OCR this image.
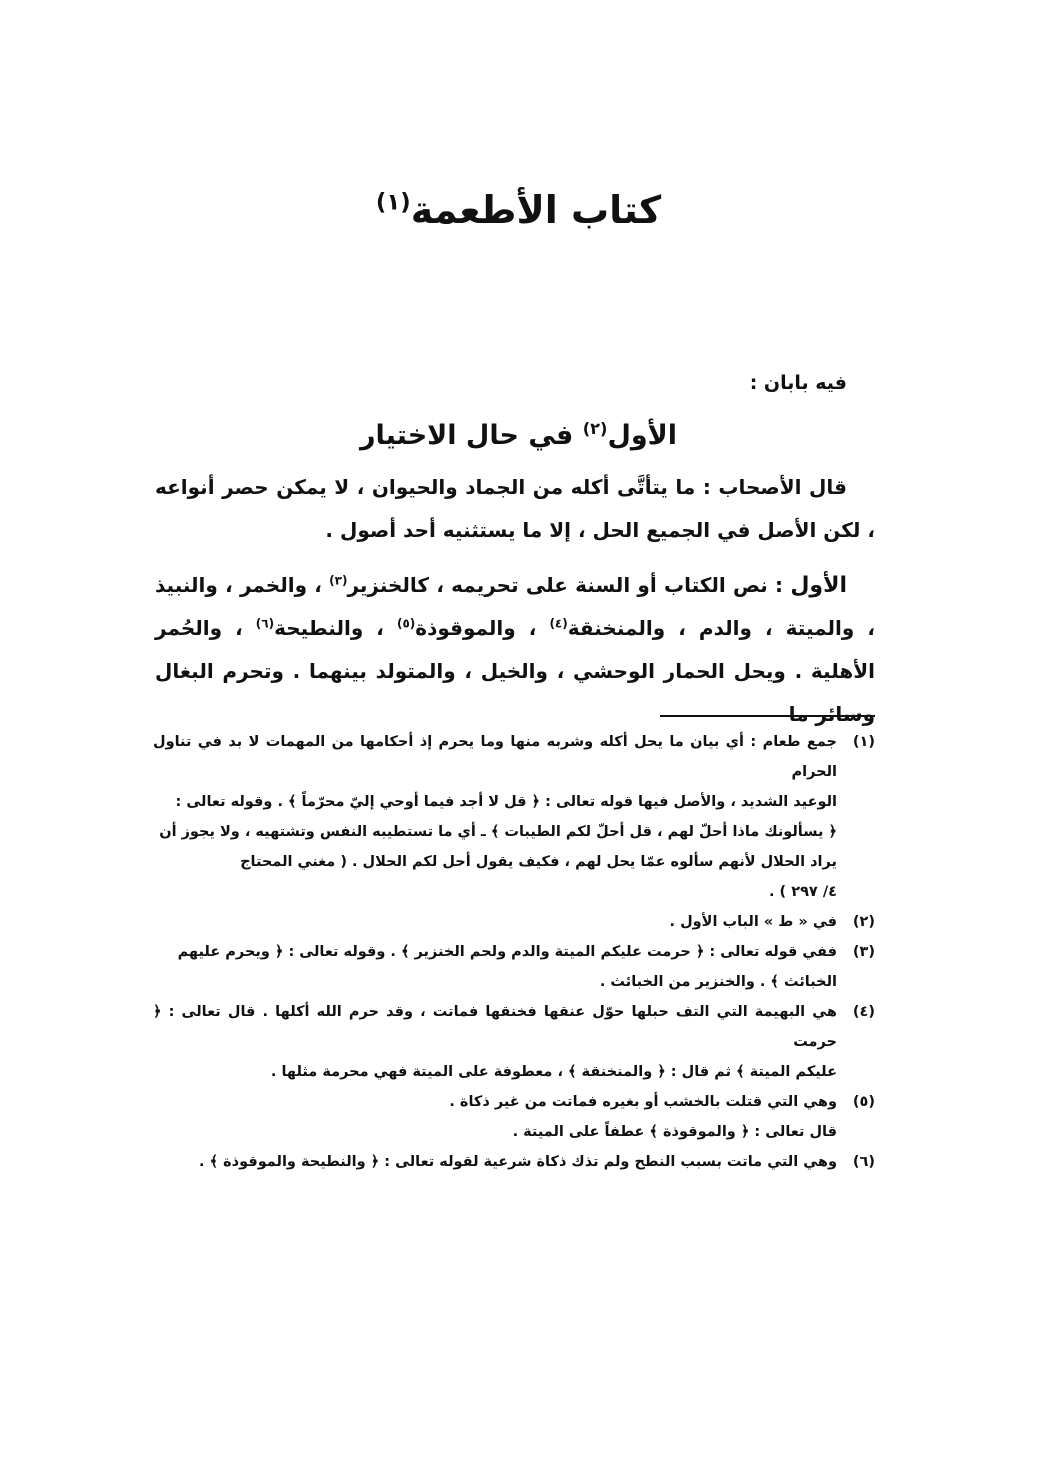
كتاب الأطعمة$^{(١)}$
فيه بابان :
الأول$^{(٢)}$ في حال الاختيار

قال الأصحاب : ما يتأتَّى أكله من الجماد والحيوان ، لا يمكن حصر أنواعه ، لكن الأصل في الجميع الحل ، إلا ما يستثنيه أحد أصول .

الأول : نص الكتاب أو السنة على تحريمه ، كالخنزير$^{(٣)}$ ، والخمر ، والنبيذ ، والميتة ، والدم ، والمنخنقة$^{(٤)}$ ، والموقوذة$^{(٥)}$ ، والنطيحة$^{(٦)}$ ، والحُمر الأهلية . ويحل الحمار الوحشي ، والخيل ، والمتولد بينهما . وتحرم البغال وسائر ما

(١)
جمع طعام : أي بيان ما يحل أكله وشربه منها وما يحرم إذ أحكامها من المهمات لا بد في تناول الحرام
الوعيد الشديد ، والأصل فيها قوله تعالى : ﴿ قل لا أجد فيما أوحي إليّ محرّماً ﴾ . وقوله تعالى :
﴿ يسألونك ماذا أحلّ لهم ، قل أحلّ لكم الطيبات ﴾ ـ أي ما تستطيبه النفس وتشتهيه ، ولا يجوز أن
يراد الحلال لأنهم سألوه عمّا يحل لهم ، فكيف يقول أحل لكم الحلال . ( مغني المحتاج
٤/ ٢٩٧ ) .
(٢)
في « ط » الباب الأول .
(٣)
ففي قوله تعالى : ﴿ حرمت عليكم الميتة والدم ولحم الخنزير ﴾ . وقوله تعالى : ﴿ ويحرم عليهم
الخبائث ﴾ . والخنزير من الخبائث .
(٤)
هي البهيمة التي التف حبلها حوّل عنقها فخنقها فماتت ، وقد حرم الله أكلها . قال تعالى : ﴿ حرمت
عليكم الميتة ﴾ ثم قال : ﴿ والمنخنقة ﴾ ، معطوفة على الميتة فهي محرمة مثلها .
(٥)
وهي التي قتلت بالخشب أو بغيره فماتت من غير ذكاة .
قال تعالى : ﴿ والموقوذة ﴾ عطفاً على الميتة .
(٦)
وهي التي ماتت بسبب النطح ولم تذك ذكاة شرعية لقوله تعالى : ﴿ والنطيحة والموقوذة ﴾ .
